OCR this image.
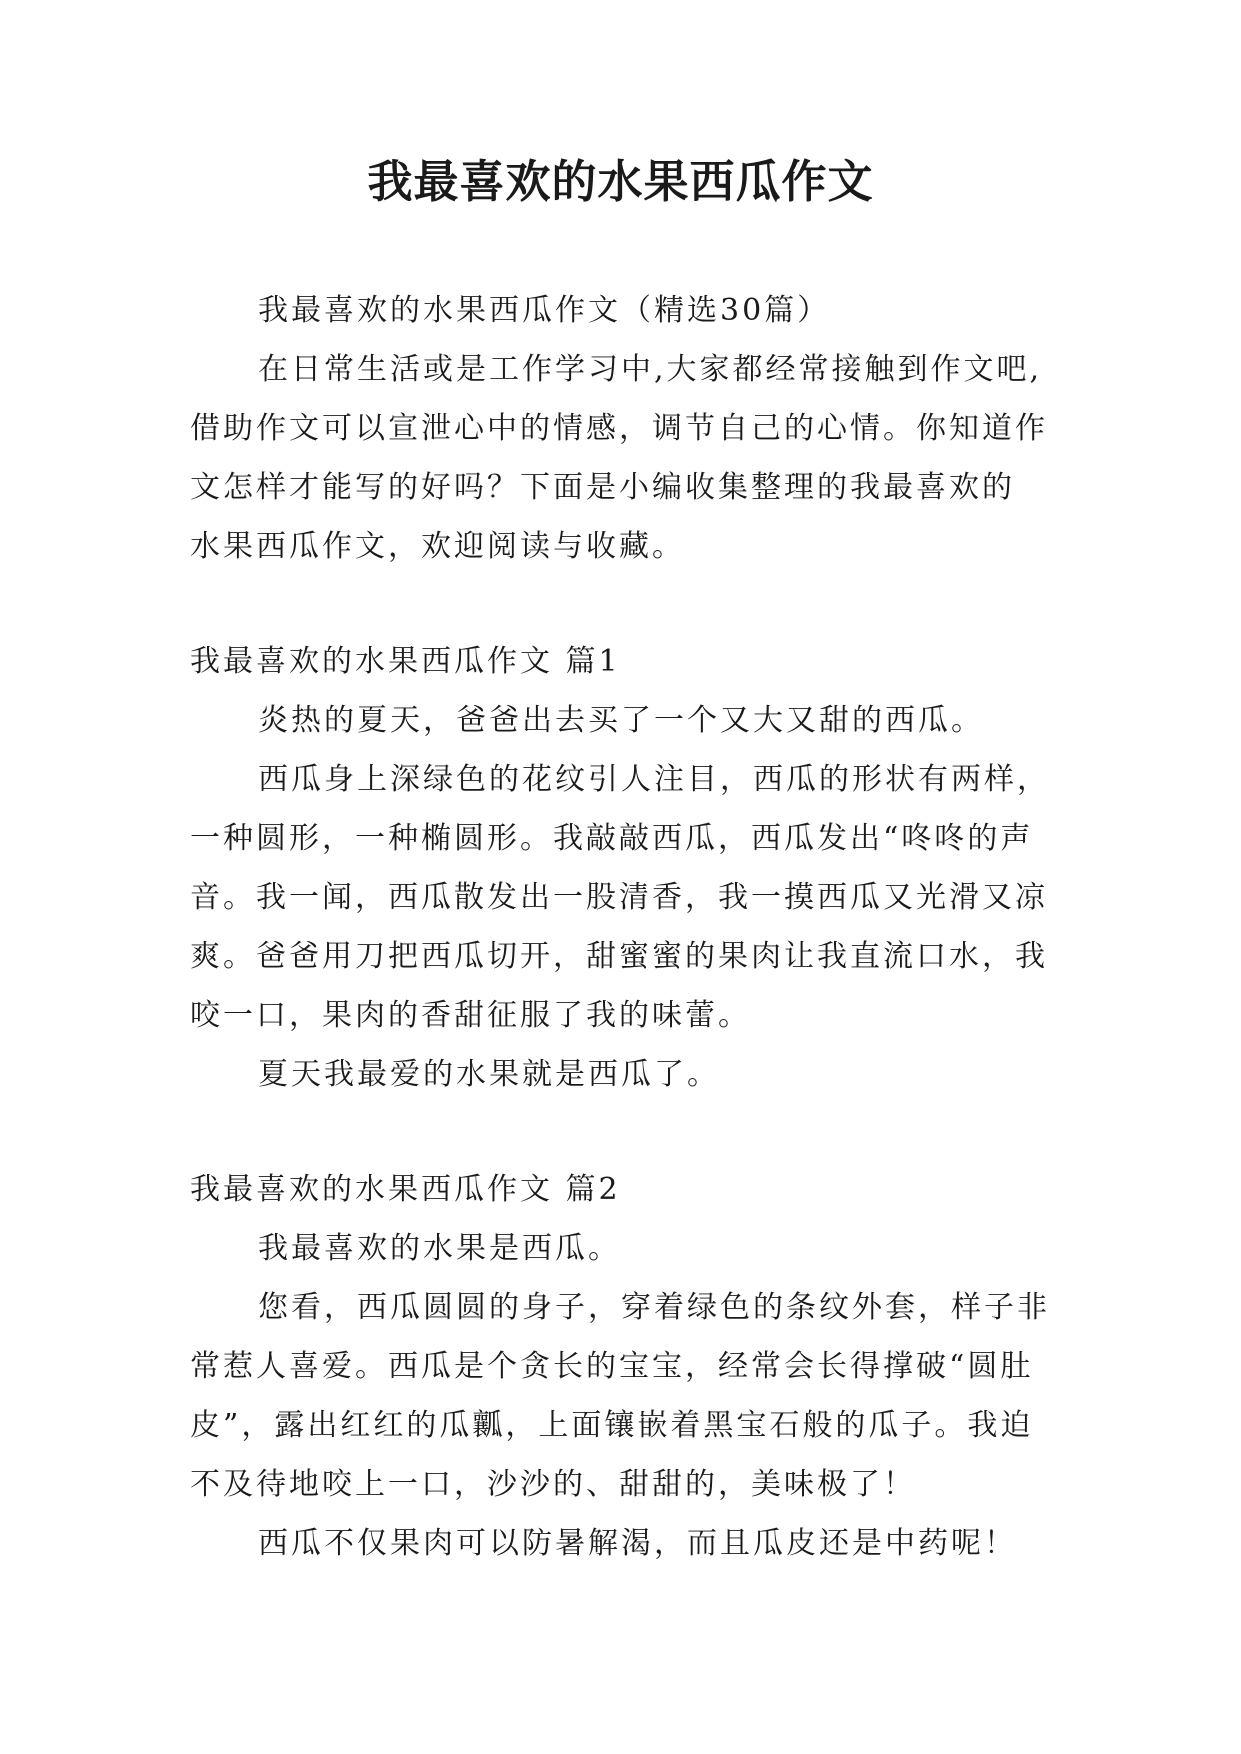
我最喜欢的水果西瓜作文

我最喜欢的水果西瓜作文（精选30篇）

在日常生活或是工作学习中,大家都经常接触到作文吧,

借助作文可以宣泄心中的情感，调节自己的心情。你知道作

文怎样才能写的好吗？下面是小编收集整理的我最喜欢的

水果西瓜作文，欢迎阅读与收藏。

我最喜欢的水果西瓜作文 篇1

炎热的夏天，爸爸出去买了一个又大又甜的西瓜。

西瓜身上深绿色的花纹引人注目，西瓜的形状有两样，

一种圆形，一种椭圆形。我敲敲西瓜，西瓜发出“咚咚的声

音。我一闻，西瓜散发出一股清香，我一摸西瓜又光滑又凉

爽。爸爸用刀把西瓜切开，甜蜜蜜的果肉让我直流口水，我

咬一口，果肉的香甜征服了我的味蕾。

夏天我最爱的水果就是西瓜了。

我最喜欢的水果西瓜作文 篇2

我最喜欢的水果是西瓜。

您看，西瓜圆圆的身子，穿着绿色的条纹外套，样子非

常惹人喜爱。西瓜是个贪长的宝宝，经常会长得撑破“圆肚

皮”，露出红红的瓜瓤，上面镶嵌着黑宝石般的瓜子。我迫

不及待地咬上一口，沙沙的、甜甜的，美味极了！

西瓜不仅果肉可以防暑解渴，而且瓜皮还是中药呢！
